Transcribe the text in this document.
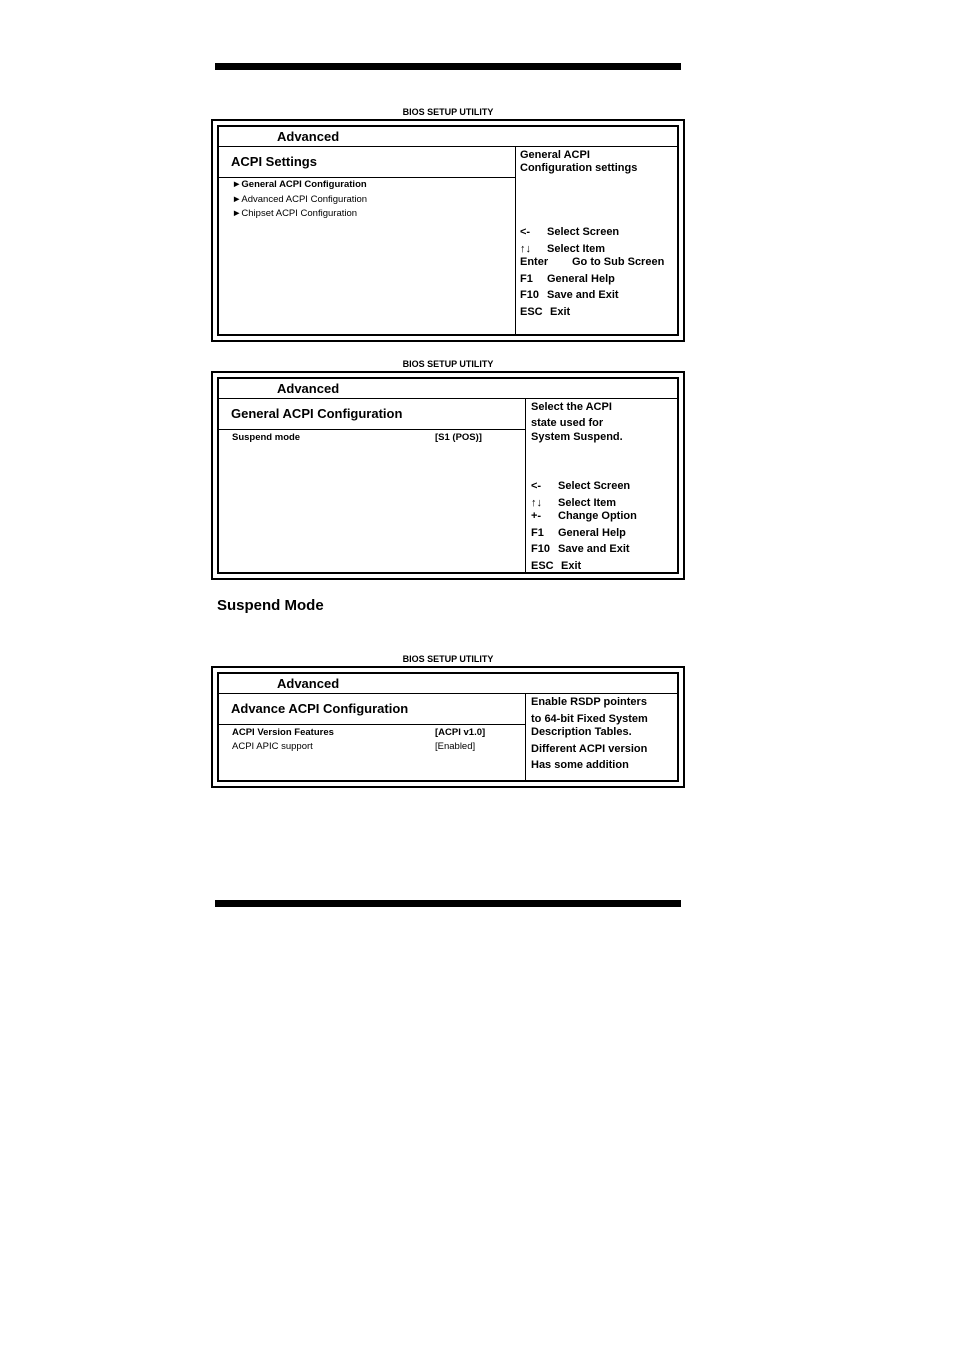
BIOS SETUP UTILITY
Advanced
ACPI Settings
►General ACPI Configuration
►Advanced ACPI Configuration
►Chipset ACPI Configuration
General ACPI
Configuration settings
<- Select Screen
↑↓ Select Item
Enter Go to Sub Screen
F1 General Help
F10 Save and Exit
ESC Exit
BIOS SETUP UTILITY
Advanced
General ACPI Configuration
Suspend mode	[S1 (POS)]
Select the ACPI
state used for
System Suspend.
<- Select Screen
↑↓ Select Item
+- Change Option
F1 General Help
F10 Save and Exit
ESC Exit
Suspend Mode
BIOS SETUP UTILITY
Advanced
Advance ACPI Configuration
ACPI Version Features	[ACPI v1.0]
ACPI APIC support	[Enabled]
Enable RSDP pointers
to 64-bit Fixed System
Description Tables.
Different ACPI version
Has some addition
